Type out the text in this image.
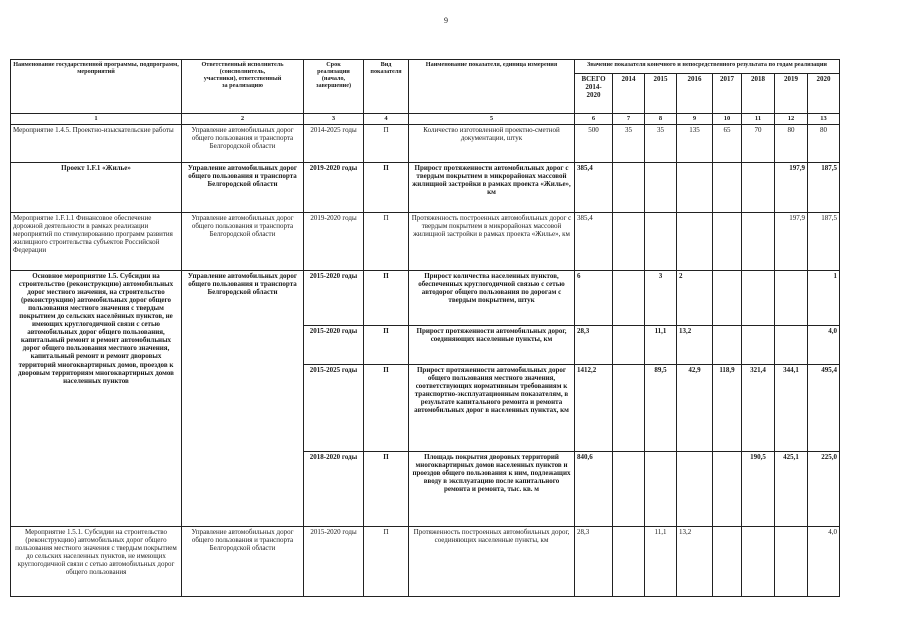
9
Наименование государственной программы, подпрограмм, мероприятий	Ответственный исполнитель
(соисполнитель,
участники), ответственный
за реализацию	Срок
реализации
(начало,
завершение)	Вид
показателя	Наименование показателя, единица измерения	Значение показателя конечного и непосредственного результата по годам реализации							

					ВСЕГО
2014-
2020	2014	2015	2016	2017	2018	2019	2020
1	2	3	4	5	6	7	8	9	10	11	12	13
Мероприятие 1.4.5. Проектно-изыскательские работы	Управление автомобильных дорог общего пользования и транспорта Белгородской области	2014-2025 годы	П	Количество изготовленной проектно-сметной документации, штук	500	35	35	135	65	70	80	80
Проект 1.F.1 «Жилье»	Управление автомобильных дорог общего пользования и транспорта Белгородской области	2019-2020 годы	П	Прирост протяженности автомобильных дорог с твердым покрытием в микрорайонах массовой жилищной застройки в рамках проекта «Жилье», км	385,4						197,9	187,5
Мероприятие 1.F.1.1 Финансовое обеспечение дорожной деятельности в рамках реализации мероприятий по стимулированию программ развития жилищного строительства субъектов Российской Федерации	Управление автомобильных дорог общего пользования и транспорта Белгородской области	2019-2020 годы	П	Протяженность построенных автомобильных дорог с твердым покрытием в микрорайонах массовой жилищной застройки в рамках проекта «Жилье», км	385,4						197,9	187,5
Основное мероприятие 1.5. Субсидии на строительство (реконструкцию) автомобильных дорог местного значения, на строительство (реконструкцию) автомобильных дорог общего пользования местного значения с твердым покрытием до сельских населённых пунктов, не имеющих круглогодичной связи с сетью автомобильных дорог общего пользования, капитальный ремонт и ремонт автомобильных дорог общего пользования местного значения, капитальный ремонт и ремонт дворовых территорий многоквартирных домов, проездов к дворовым территориям многоквартирных домов населенных пунктов	Управление автомобильных дорог общего пользования и транспорта Белгородской области	2015-2020 годы	П	Прирост количества населенных пунктов, обеспеченных круглогодичной связью с сетью автодорог общего пользования по дорогам с твердым покрытием, штук	6		3	2				1
		2015-2020 годы	П	Прирост протяженности автомобильных дорог, соединяющих населенные пункты, км	28,3		11,1	13,2				4,0
		2015-2025 годы	П	Прирост протяженности автомобильных дорог общего пользования местного значения, соответствующих нормативным требованиям к транспортно-эксплуатационным показателям, в результате капитального ремонта и ремонта автомобильных дорог в населенных пунктах, км	1412,2		89,5	42,9	118,9	321,4	344,1	495,4
		2018-2020 годы	П	Площадь покрытия дворовых территорий многоквартирных домов населенных пунктов и проездов общего пользования к ним, подлежащих вводу в эксплуатацию после капитального ремонта и ремонта, тыс. кв. м	840,6					190,5	425,1	225,0
Мероприятие 1.5.1. Субсидии на строительство (реконструкцию) автомобильных дорог общего пользования местного значения с твердым покрытием до сельских населенных пунктов, не имеющих круглогодичной связи с сетью автомобильных дорог общего пользования	Управление автомобильных дорог общего пользования и транспорта Белгородской области	2015-2020 годы	П	Протяженность построенных автомобильных дорог, соединяющих населенные пункты, км	28,3		11,1	13,2				4,0
